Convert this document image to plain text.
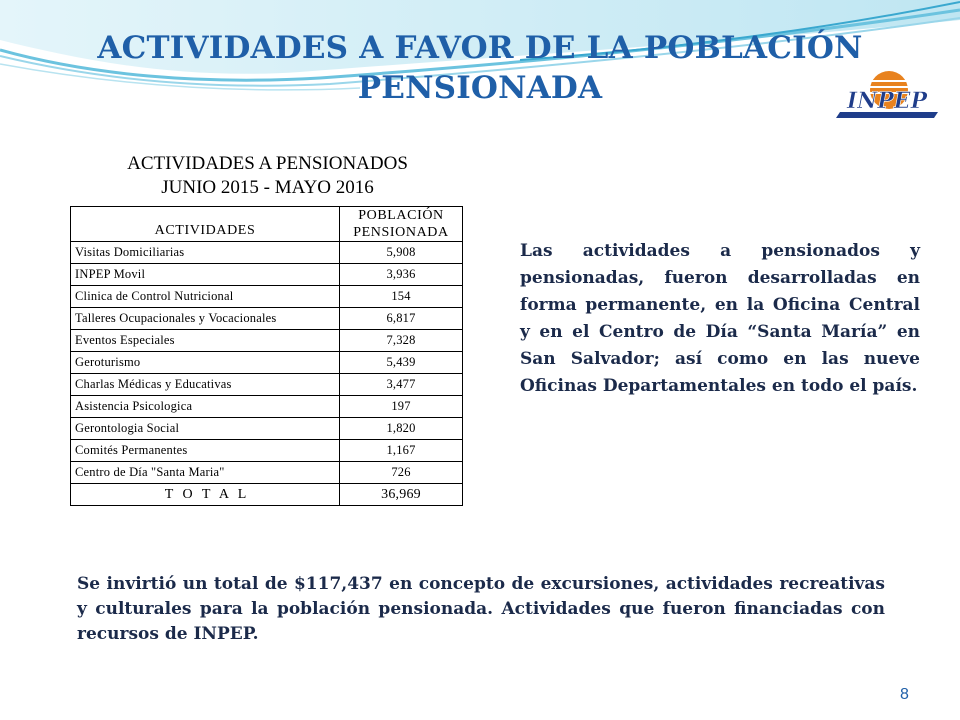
ACTIVIDADES A FAVOR DE LA POBLACIÓN PENSIONADA	INPEP
ACTIVIDADES A PENSIONADOS
JUNIO 2015 - MAYO 2016
ACTIVIDADES	POBLACIÓN PENSIONADA
Visitas Domiciliarias	5,908
INPEP Movil	3,936
Clinica de Control Nutricional	154
Talleres Ocupacionales y Vocacionales	6,817
Eventos Especiales	7,328
Geroturismo	5,439
Charlas Médicas y Educativas	3,477
Asistencia Psicologica	197
Gerontologia Social	1,820
Comités Permanentes	1,167
Centro de Día "Santa Maria"	726
T O T A L	36,969
Las actividades a pensionados y pensionadas, fueron desarrolladas en forma permanente, en la Oficina Central y en el Centro de Día “Santa María” en San Salvador; así como en las nueve Oficinas Departamentales en todo el país.
Se invirtió un total de $117,437 en concepto de excursiones, actividades recreativas y culturales para la población pensionada. Actividades que fueron financiadas con recursos de INPEP.
8
